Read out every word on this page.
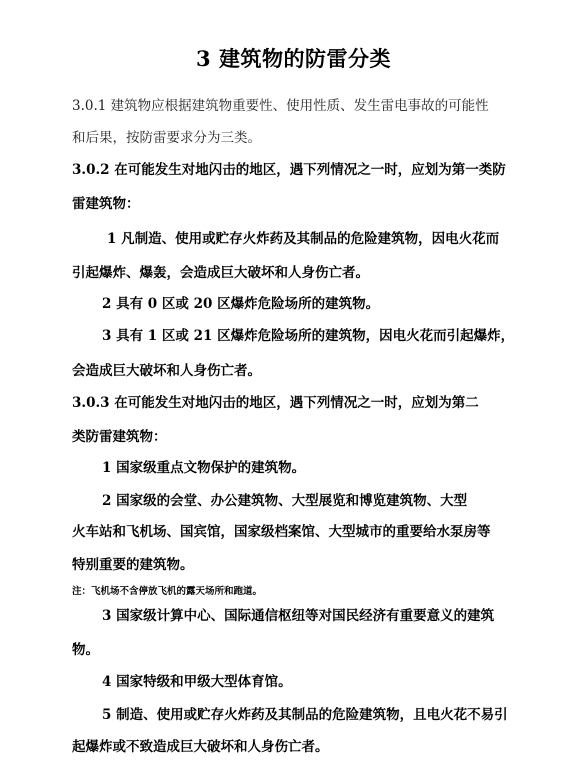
3 建筑物的防雷分类
3.0.1 建筑物应根据建筑物重要性、使用性质、发生雷电事故的可能性
和后果，按防雷要求分为三类。
3.0.2 在可能发生对地闪击的地区，遇下列情况之一时，应划为第一类防
雷建筑物：
1 凡制造、使用或贮存火炸药及其制品的危险建筑物，因电火花而
引起爆炸、爆轰，会造成巨大破坏和人身伤亡者。
2 具有 0 区或 20 区爆炸危险场所的建筑物。
3 具有 1 区或 21 区爆炸危险场所的建筑物，因电火花而引起爆炸，
会造成巨大破坏和人身伤亡者。
3.0.3 在可能发生对地闪击的地区，遇下列情况之一时，应划为第二
类防雷建筑物：
1 国家级重点文物保护的建筑物。
2 国家级的会堂、办公建筑物、大型展览和博览建筑物、大型
火车站和飞机场、国宾馆，国家级档案馆、大型城市的重要给水泵房等
特别重要的建筑物。
注：飞机场不含停放飞机的露天场所和跑道。
3 国家级计算中心、国际通信枢纽等对国民经济有重要意义的建筑
物。
4 国家特级和甲级大型体育馆。
5 制造、使用或贮存火炸药及其制品的危险建筑物，且电火花不易引
起爆炸或不致造成巨大破坏和人身伤亡者。
